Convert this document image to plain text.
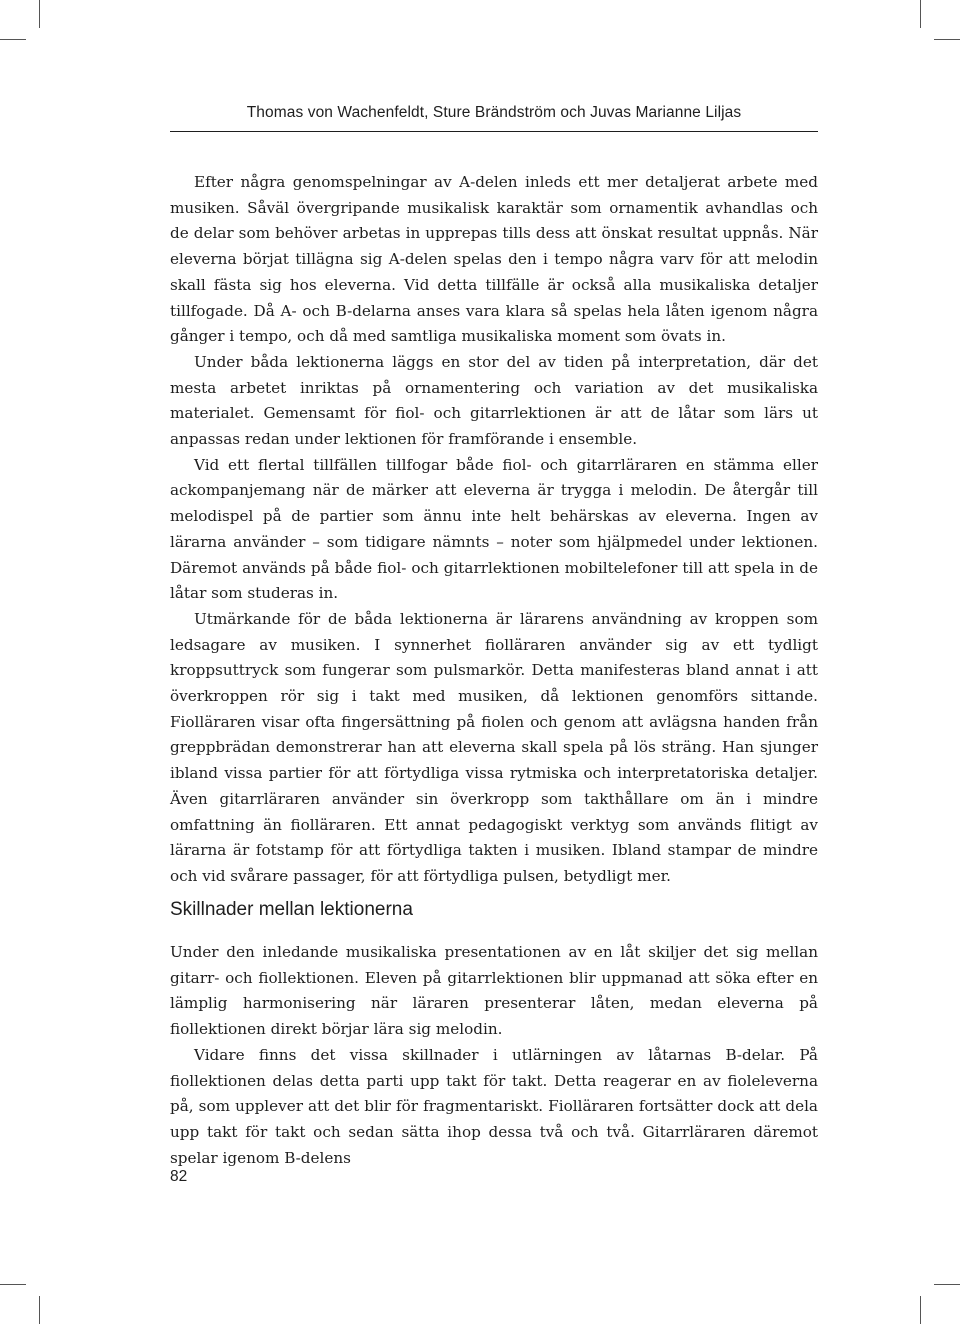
Thomas von Wachenfeldt, Sture Brändström och Juvas Marianne Liljas

Efter några genomspelningar av A-delen inleds ett mer detaljerat arbete med musiken. Såväl övergripande musikalisk karaktär som ornamentik avhandlas och de delar som behöver arbetas in upprepas tills dess att önskat resultat uppnås. När eleverna börjat tillägna sig A-delen spelas den i tempo några varv för att melodin skall fästa sig hos eleverna. Vid detta tillfälle är också alla musikaliska detaljer tillfogade. Då A- och B-delarna anses vara klara så spelas hela låten igenom några gånger i tempo, och då med samtliga musikaliska moment som övats in.

Under båda lektionerna läggs en stor del av tiden på interpretation, där det mesta arbetet inriktas på ornamentering och variation av det musikaliska materialet. Gemensamt för fiol- och gitarrlektionen är att de låtar som lärs ut anpassas redan under lektionen för framförande i ensemble.

Vid ett flertal tillfällen tillfogar både fiol- och gitarrläraren en stämma eller ackompanjemang när de märker att eleverna är trygga i melodin. De återgår till melodispel på de partier som ännu inte helt behärskas av eleverna. Ingen av lärarna använder – som tidigare nämnts – noter som hjälpmedel under lektionen. Däremot används på både fiol- och gitarrlektionen mobiltelefoner till att spela in de låtar som studeras in.

Utmärkande för de båda lektionerna är lärarens användning av kroppen som ledsagare av musiken. I synnerhet fiolläraren använder sig av ett tydligt kroppsuttryck som fungerar som pulsmarkör. Detta manifesteras bland annat i att överkroppen rör sig i takt med musiken, då lektionen genomförs sittande. Fiolläraren visar ofta fingersättning på fiolen och genom att avlägsna handen från greppbrädan demonstrerar han att eleverna skall spela på lös sträng. Han sjunger ibland vissa partier för att förtydliga vissa rytmiska och interpretatoriska detaljer. Även gitarrläraren använder sin överkropp som takthållare om än i mindre omfattning än fiolläraren. Ett annat pedagogiskt verktyg som används flitigt av lärarna är fotstamp för att förtydliga takten i musiken. Ibland stampar de mindre och vid svårare passager, för att förtydliga pulsen, betydligt mer.

Skillnader mellan lektionerna

Under den inledande musikaliska presentationen av en låt skiljer det sig mellan gitarr- och fiollektionen. Eleven på gitarrlektionen blir uppmanad att söka efter en lämplig harmonisering när läraren presenterar låten, medan eleverna på fiollektionen direkt börjar lära sig melodin.

Vidare finns det vissa skillnader i utlärningen av låtarnas B-delar. På fiollektionen delas detta parti upp takt för takt. Detta reagerar en av fioleleverna på, som upplever att det blir för fragmentariskt. Fiolläraren fortsätter dock att dela upp takt för takt och sedan sätta ihop dessa två och två. Gitarrläraren däremot spelar igenom B-delens

82
